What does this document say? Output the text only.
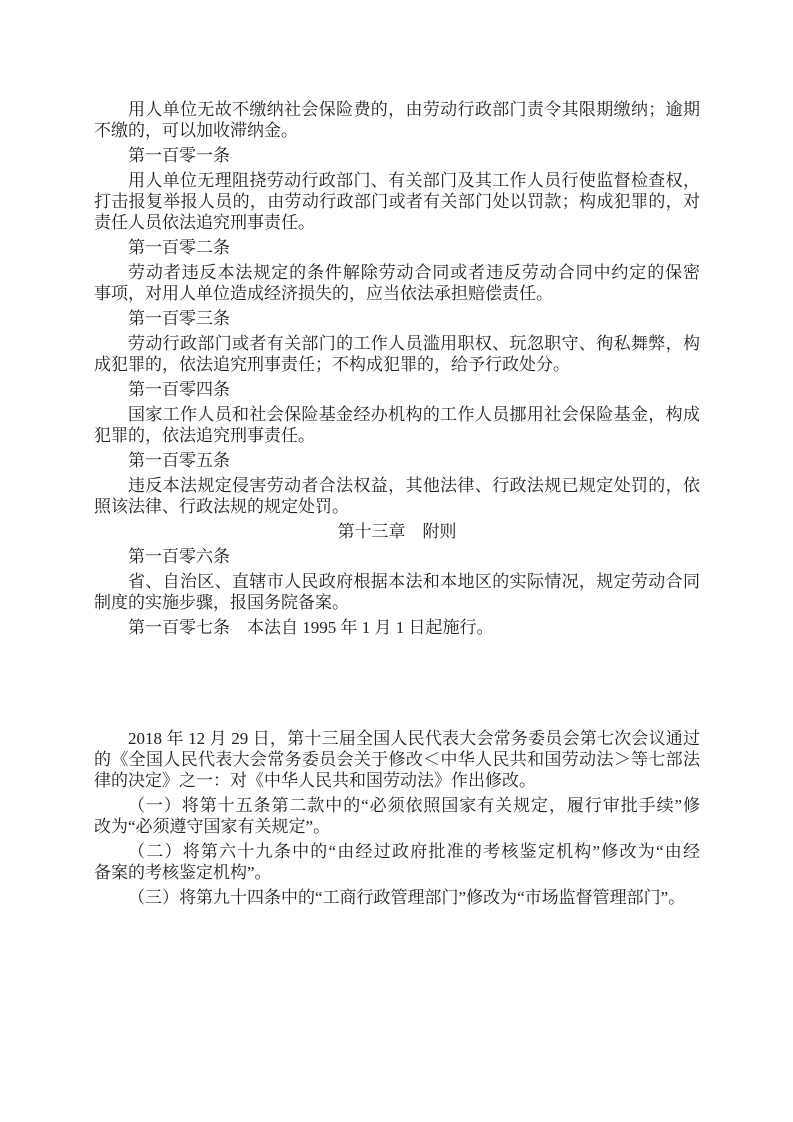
用人单位无故不缴纳社会保险费的，由劳动行政部门责令其限期缴纳；逾期
不缴的，可以加收滞纳金。
第一百零一条
用人单位无理阻挠劳动行政部门、有关部门及其工作人员行使监督检查权，
打击报复举报人员的，由劳动行政部门或者有关部门处以罚款；构成犯罪的，对
责任人员依法追究刑事责任。
第一百零二条
劳动者违反本法规定的条件解除劳动合同或者违反劳动合同中约定的保密
事项，对用人单位造成经济损失的，应当依法承担赔偿责任。
第一百零三条
劳动行政部门或者有关部门的工作人员滥用职权、玩忽职守、徇私舞弊，构
成犯罪的，依法追究刑事责任；不构成犯罪的，给予行政处分。
第一百零四条
国家工作人员和社会保险基金经办机构的工作人员挪用社会保险基金，构成
犯罪的，依法追究刑事责任。
第一百零五条
违反本法规定侵害劳动者合法权益，其他法律、行政法规已规定处罚的，依
照该法律、行政法规的规定处罚。
第十三章　附则
第一百零六条
省、自治区、直辖市人民政府根据本法和本地区的实际情况，规定劳动合同
制度的实施步骤，报国务院备案。
第一百零七条　本法自 1995 年 1 月 1 日起施行。
2018 年 12 月 29 日，第十三届全国人民代表大会常务委员会第七次会议通过
的《全国人民代表大会常务委员会关于修改＜中华人民共和国劳动法＞等七部法
律的决定》之一：对《中华人民共和国劳动法》作出修改。
（一）将第十五条第二款中的“必须依照国家有关规定，履行审批手续”修
改为“必须遵守国家有关规定”。
（二）将第六十九条中的“由经过政府批准的考核鉴定机构”修改为“由经
备案的考核鉴定机构”。
（三）将第九十四条中的“工商行政管理部门”修改为“市场监督管理部门”。
